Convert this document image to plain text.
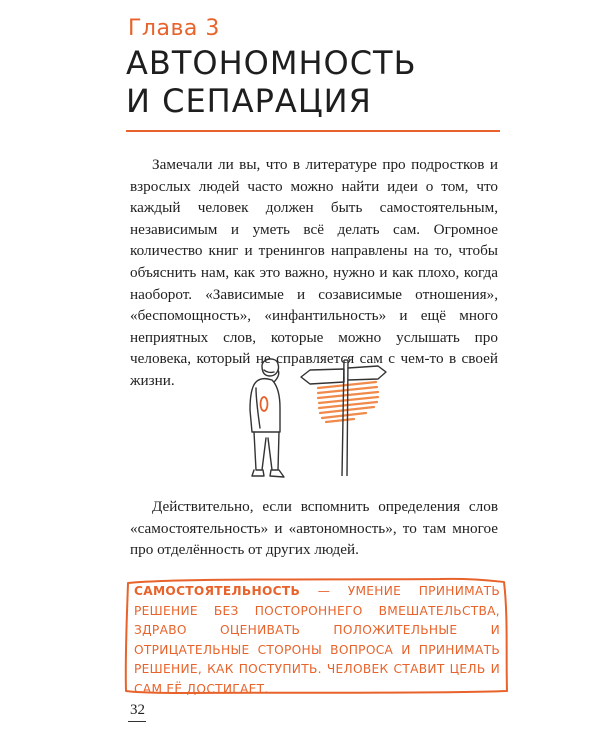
Глава 3
АВТОНОМНОСТЬ
И СЕПАРАЦИЯ

Замечали ли вы, что в литературе про подростков и взрослых людей часто можно найти идеи о том, что каждый человек должен быть самостоятельным, независимым и уметь всё делать сам. Огромное количество книг и тренингов направлены на то, чтобы объяснить нам, как это важно, нужно и как плохо, когда наоборот. «Зависимые и созависимые отношения», «беспомощность», «инфантильность» и ещё много неприятных слов, которые можно услышать про человека, который не справляется сам с чем-то в своей жизни.

Действительно, если вспомнить определения слов «самостоятельность» и «автономность», то там многое про отделённость от других людей.

САМОСТОЯТЕЛЬНОСТЬ — УМЕНИЕ ПРИНИМАТЬ РЕШЕНИЕ БЕЗ ПОСТОРОННЕГО ВМЕШАТЕЛЬСТВА, ЗДРАВО ОЦЕНИВАТЬ ПОЛОЖИТЕЛЬНЫЕ И ОТРИЦАТЕЛЬНЫЕ СТОРОНЫ ВОПРОСА И ПРИНИМАТЬ РЕШЕНИЕ, КАК ПОСТУПИТЬ. ЧЕЛОВЕК СТАВИТ ЦЕЛЬ И САМ ЕЁ ДОСТИГАЕТ.

32
